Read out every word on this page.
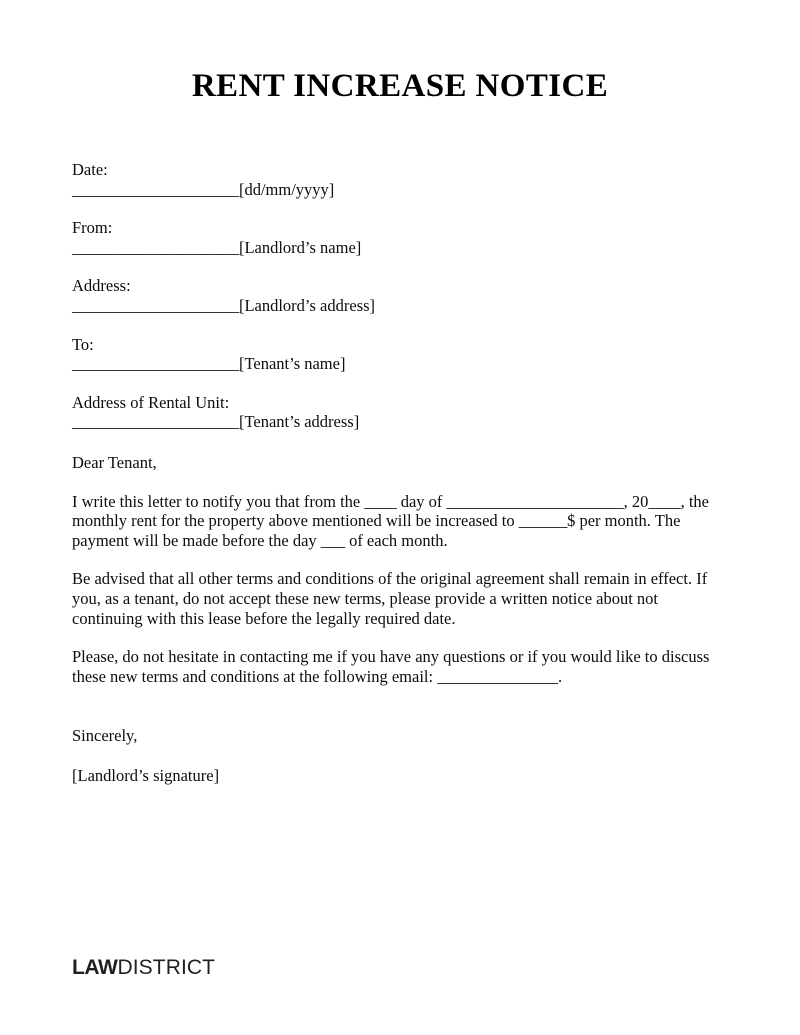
RENT INCREASE NOTICE
Date:
_____________________[dd/mm/yyyy]
From:
_____________________[Landlord’s name]
Address:
_____________________[Landlord’s address]
To:
_____________________[Tenant’s name]
Address of Rental Unit:
_____________________[Tenant’s address]
Dear Tenant,
I write this letter to notify you that from the ____ day of ______________________, 20____, the monthly rent for the property above mentioned will be increased to ______$ per month. The payment will be made before the day ___ of each month.
Be advised that all other terms and conditions of the original agreement shall remain in effect. If you, as a tenant, do not accept these new terms, please provide a written notice about not continuing with this lease before the legally required date.
Please, do not hesitate in contacting me if you have any questions or if you would like to discuss these new terms and conditions at the following email: _______________.
Sincerely,
[Landlord’s signature]
LAWDISTRICT
